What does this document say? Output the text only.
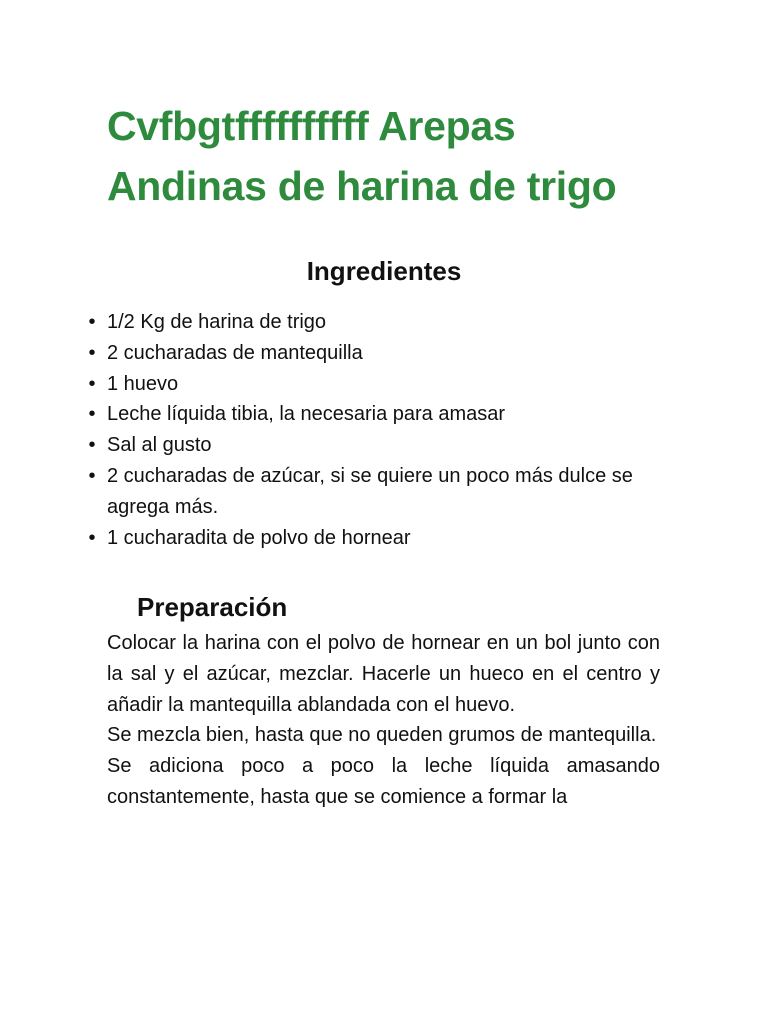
Cvfbgtffffffffff Arepas
Andinas de harina de trigo
Ingredientes
• 1/2 Kg de harina de trigo
• 2 cucharadas de mantequilla
• 1 huevo
• Leche líquida tibia, la necesaria para amasar
• Sal al gusto
• 2 cucharadas de azúcar, si se quiere un poco más dulce se agrega más.
• 1 cucharadita de polvo de hornear
Preparación

Colocar la harina con el polvo de hornear en un bol junto con la sal y el azúcar, mezclar. Hacerle un hueco en el centro y añadir la mantequilla ablandada con el huevo.

Se mezcla bien, hasta que no queden grumos de mantequilla.

Se adiciona poco a poco la leche líquida amasando constantemente, hasta que se comience a formar la
